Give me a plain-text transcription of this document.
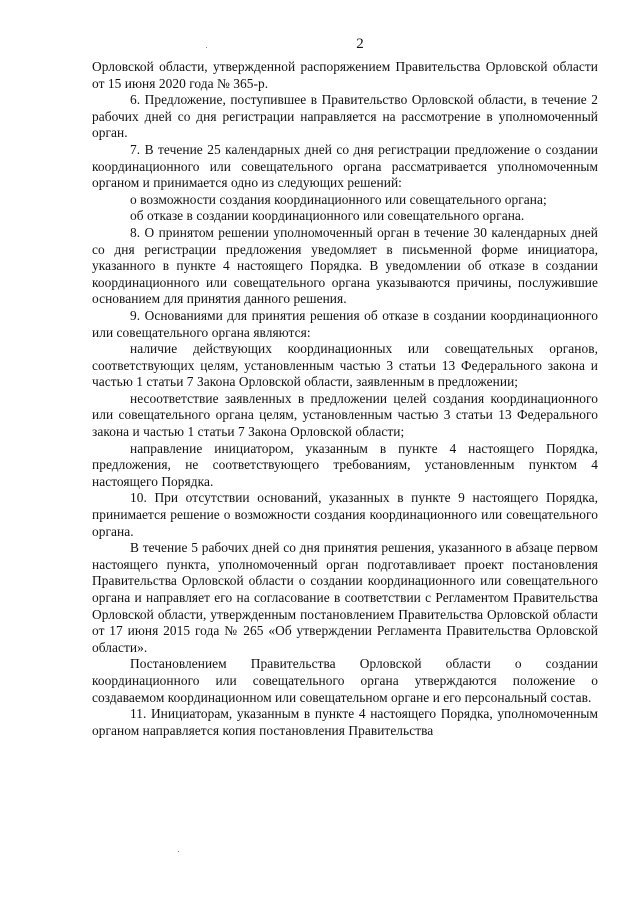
2

Орловской области, утвержденной распоряжением Правительства Орловской области от 15 июня 2020 года № 365-р.

6. Предложение, поступившее в Правительство Орловской области, в течение 2 рабочих дней со дня регистрации направляется на рассмотрение в уполномоченный орган.

7. В течение 25 календарных дней со дня регистрации предложение о создании координационного или совещательного органа рассматривается уполномоченным органом и принимается одно из следующих решений:

о возможности создания координационного или совещательного органа;

об отказе в создании координационного или совещательного органа.

8. О принятом решении уполномоченный орган в течение 30 календарных дней со дня регистрации предложения уведомляет в письменной форме инициатора, указанного в пункте 4 настоящего Порядка. В уведомлении об отказе в создании координационного или совещательного органа указываются причины, послужившие основанием для принятия данного решения.

9. Основаниями для принятия решения об отказе в создании координационного или совещательного органа являются:

наличие действующих координационных или совещательных органов, соответствующих целям, установленным частью 3 статьи 13 Федерального закона и частью 1 статьи 7 Закона Орловской области, заявленным в предложении;

несоответствие заявленных в предложении целей создания координационного или совещательного органа целям, установленным частью 3 статьи 13 Федерального закона и частью 1 статьи 7 Закона Орловской области;

направление инициатором, указанным в пункте 4 настоящего Порядка, предложения, не соответствующего требованиям, установленным пунктом 4 настоящего Порядка.

10. При отсутствии оснований, указанных в пункте 9 настоящего Порядка, принимается решение о возможности создания координационного или совещательного органа.

В течение 5 рабочих дней со дня принятия решения, указанного в абзаце первом настоящего пункта, уполномоченный орган подготавливает проект постановления Правительства Орловской области о создании координационного или совещательного органа и направляет его на согласование в соответствии с Регламентом Правительства Орловской области, утвержденным постановлением Правительства Орловской области от 17 июня 2015 года № 265 «Об утверждении Регламента Правительства Орловской области».

Постановлением Правительства Орловской области о создании координационного или совещательного органа утверждаются положение о создаваемом координационном или совещательном органе и его персональный состав.

11. Инициаторам, указанным в пункте 4 настоящего Порядка, уполномоченным органом направляется копия постановления Правительства
